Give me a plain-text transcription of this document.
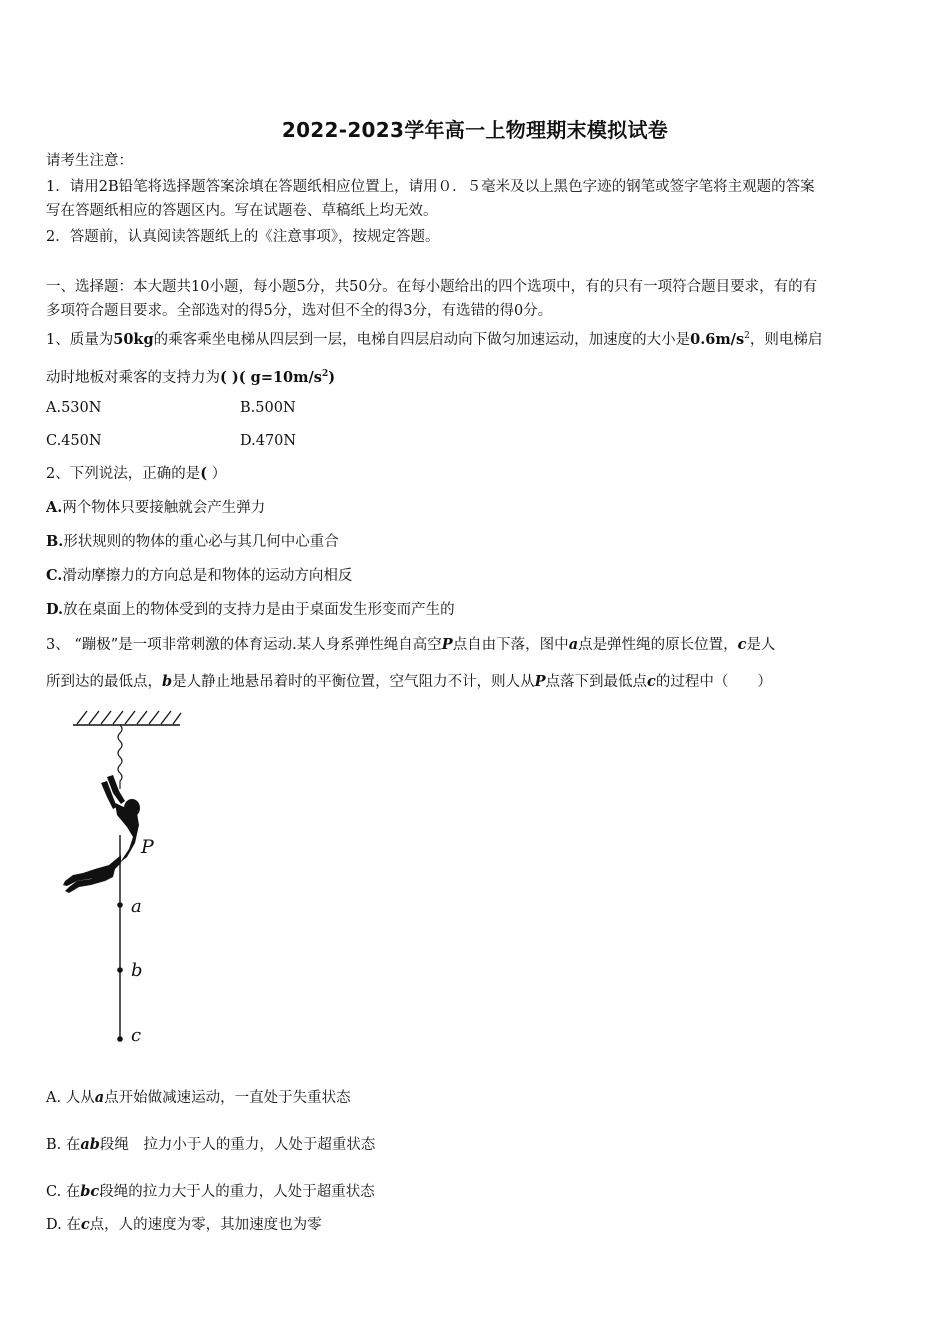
2022-2023学年高一上物理期末模拟试卷
请考生注意：
1．请用2B铅笔将选择题答案涂填在答题纸相应位置上，请用０．５毫米及以上黑色字迹的钢笔或签字笔将主观题的答案
写在答题纸相应的答题区内。写在试题卷、草稿纸上均无效。
2．答题前，认真阅读答题纸上的《注意事项》，按规定答题。
一、选择题：本大题共10小题，每小题5分，共50分。在每小题给出的四个选项中，有的只有一项符合题目要求，有的有
多项符合题目要求。全部选对的得5分，选对但不全的得3分，有选错的得0分。
1、质量为50kg的乘客乘坐电梯从四层到一层，电梯自四层启动向下做匀加速运动，加速度的大小是$0.6m/s^2$，则电梯启
动时地板对乘客的支持力为( )( $g=10m/s^2$)
A.530N	B.500N
C.450N	D.470N
2、下列说法，正确的是( ）
A.两个物体只要接触就会产生弹力
B.形状规则的物体的重心必与其几何中心重合
C.滑动摩擦力的方向总是和物体的运动方向相反
D.放在桌面上的物体受到的支持力是由于桌面发生形变而产生的
3、 “蹦极”是一项非常刺激的体育运动.某人身系弹性绳自高空P点自由下落，图中a点是弹性绳的原长位置，c是人
所到达的最低点，b是人静止地悬吊着时的平衡位置，空气阻力不计，则人从P点落下到最低点c的过程中（　　）
P
a
b
c
A. 人从a点开始做减速运动，一直处于失重状态
B. 在ab段绳　拉力小于人的重力，人处于超重状态
C. 在bc段绳的拉力大于人的重力，人处于超重状态
D. 在c点，人的速度为零，其加速度也为零
